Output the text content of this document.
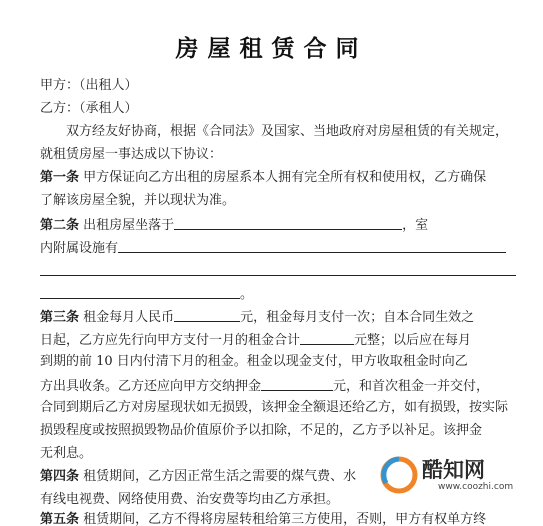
房屋租赁合同
甲方：（出租人）
乙方：（承租人）
双方经友好协商，根据《合同法》及国家、当地政府对房屋租赁的有关规定，
就租赁房屋一事达成以下协议：
第一条 甲方保证向乙方出租的房屋系本人拥有完全所有权和使用权，乙方确保
了解该房屋全貌，并以现状为准。
第二条 出租房屋坐落于	，室
内附属设施有
。
第三条 租金每月人民币	元，租金每月支付一次；自本合同生效之
日起，乙方应先行向甲方支付一月的租金合计	元整；以后应在每月
到期的前 10 日内付清下月的租金。租金以现金支付，甲方收取租金时向乙
方出具收条。乙方还应向甲方交纳押金	元，和首次租金一并交付，
合同到期后乙方对房屋现状如无损毁，该押金全额退还给乙方，如有损毁，按实际
损毁程度或按照损毁物品价值原价予以扣除，不足的，乙方予以补足。该押金
无利息。
第四条 租赁期间，乙方因正常生活之需要的煤气费、水
有线电视费、网络使用费、治安费等均由乙方承担。
第五条 租赁期间，乙方不得将房屋转租给第三方使用，否则，甲方有权单方终
酷知网
www.coozhi.com
